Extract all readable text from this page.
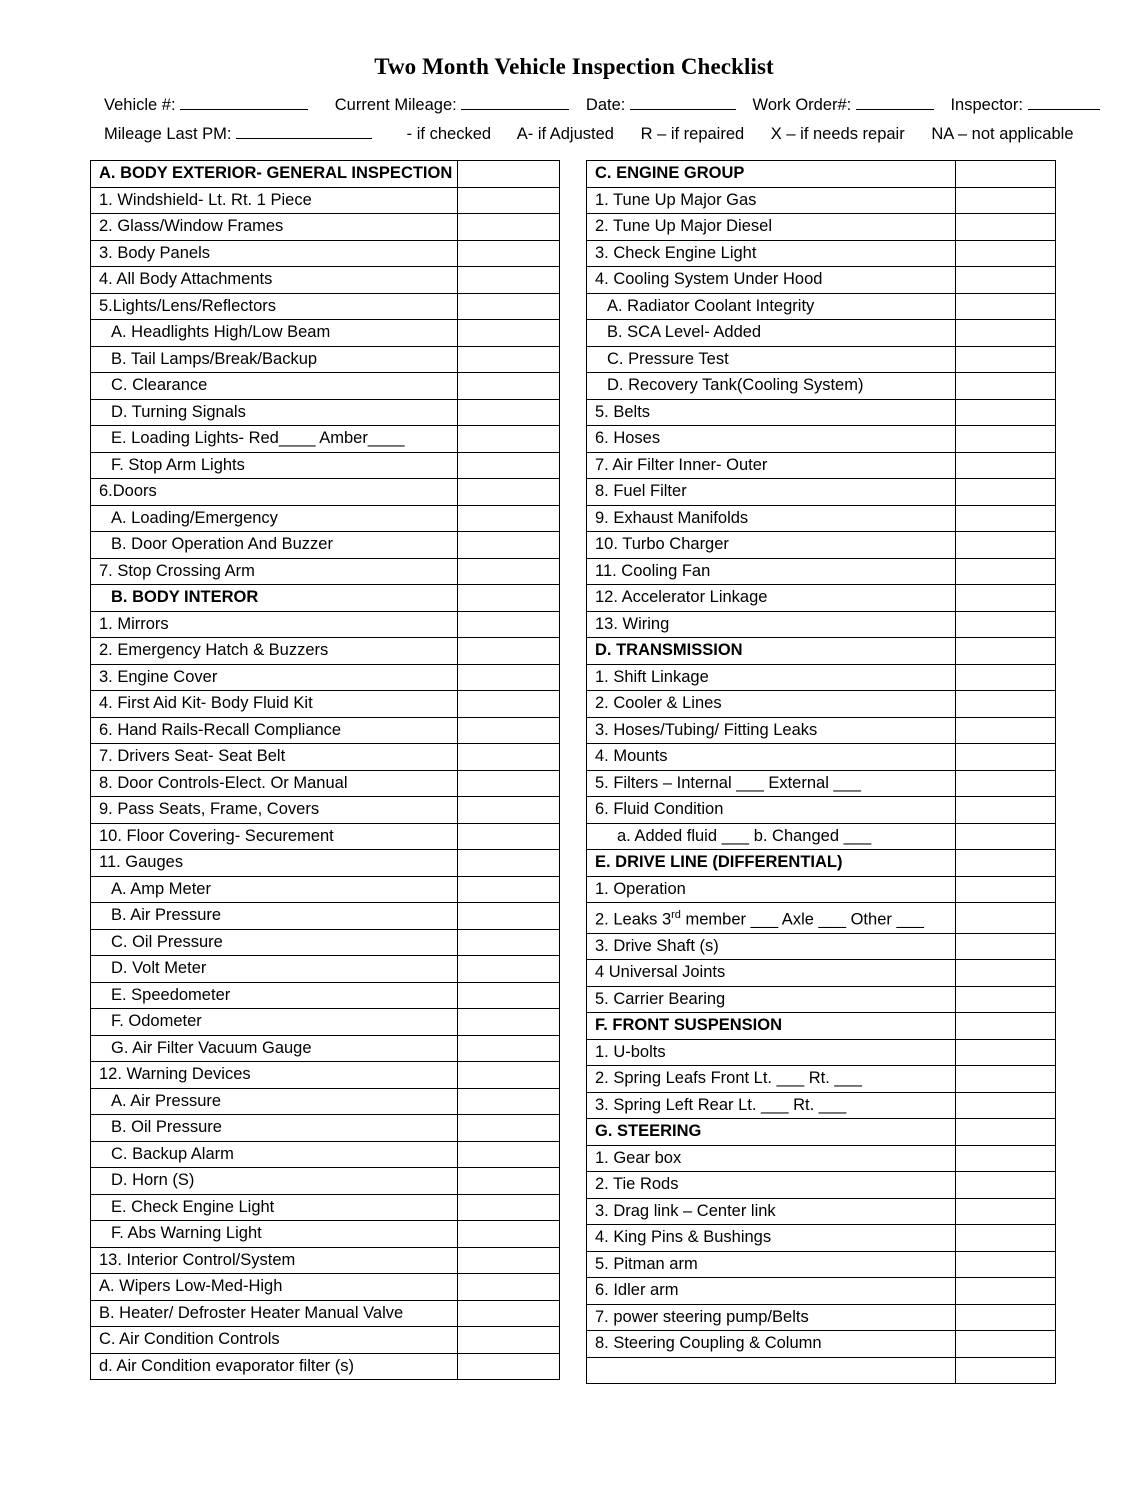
Two Month Vehicle Inspection Checklist
Vehicle #:	Current Mileage:	Date:	Work Order#:	Inspector:
Mileage Last PM:	- if checked A- if Adjusted R – if repaired X – if needs repair NA – not applicable
A. BODY EXTERIOR- GENERAL INSPECTION	
1. Windshield- Lt. Rt. 1 Piece	
2. Glass/Window Frames	
3. Body Panels	
4. All Body Attachments	
5.Lights/Lens/Reflectors	
A. Headlights High/Low Beam	
B. Tail Lamps/Break/Backup	
C. Clearance	
D. Turning Signals	
E. Loading Lights- Red____ Amber____	
F. Stop Arm Lights	
6.Doors	
A. Loading/Emergency	
B. Door Operation And Buzzer	
7. Stop Crossing Arm	
B. BODY INTEROR	
1. Mirrors	
2. Emergency Hatch & Buzzers	
3. Engine Cover	
4. First Aid Kit- Body Fluid Kit	
6. Hand Rails-Recall Compliance	
7. Drivers Seat- Seat Belt	
8. Door Controls-Elect. Or Manual	
9. Pass Seats, Frame, Covers	
10. Floor Covering- Securement	
11. Gauges	
A. Amp Meter	
B. Air Pressure	
C. Oil Pressure	
D. Volt Meter	
E. Speedometer	
F. Odometer	
G. Air Filter Vacuum Gauge	
12. Warning Devices	
A. Air Pressure	
B. Oil Pressure	
C. Backup Alarm	
D. Horn (S)	
E. Check Engine Light	
F. Abs Warning Light	
13. Interior Control/System	
A. Wipers Low-Med-High	
B. Heater/ Defroster Heater Manual Valve	
C. Air Condition Controls	
d. Air Condition evaporator filter (s)	
C. ENGINE GROUP	
1. Tune Up Major Gas	
2. Tune Up Major Diesel	
3. Check Engine Light	
4. Cooling System Under Hood	
A. Radiator Coolant Integrity	
B. SCA Level- Added	
C. Pressure Test	
D. Recovery Tank(Cooling System)	
5. Belts	
6. Hoses	
7. Air Filter Inner- Outer	
8. Fuel Filter	
9. Exhaust Manifolds	
10. Turbo Charger	
11. Cooling Fan	
12. Accelerator Linkage	
13. Wiring	
D. TRANSMISSION	
1. Shift Linkage	
2. Cooler & Lines	
3. Hoses/Tubing/ Fitting Leaks	
4. Mounts	
5. Filters – Internal ___ External ___	
6. Fluid Condition	
a. Added fluid ___ b. Changed ___	
E. DRIVE LINE (DIFFERENTIAL)	
1. Operation	
2. Leaks 3rd member ___ Axle ___ Other ___	
3. Drive Shaft (s)	
4 Universal Joints	
5. Carrier Bearing	
F. FRONT SUSPENSION	
1. U-bolts	
2. Spring Leafs Front Lt. ___ Rt. ___	
3. Spring Left Rear Lt. ___ Rt. ___	
G. STEERING	
1. Gear box	
2. Tie Rods	
3. Drag link – Center link	
4. King Pins & Bushings	
5. Pitman arm	
6. Idler arm	
7. power steering pump/Belts	
8. Steering Coupling & Column	
